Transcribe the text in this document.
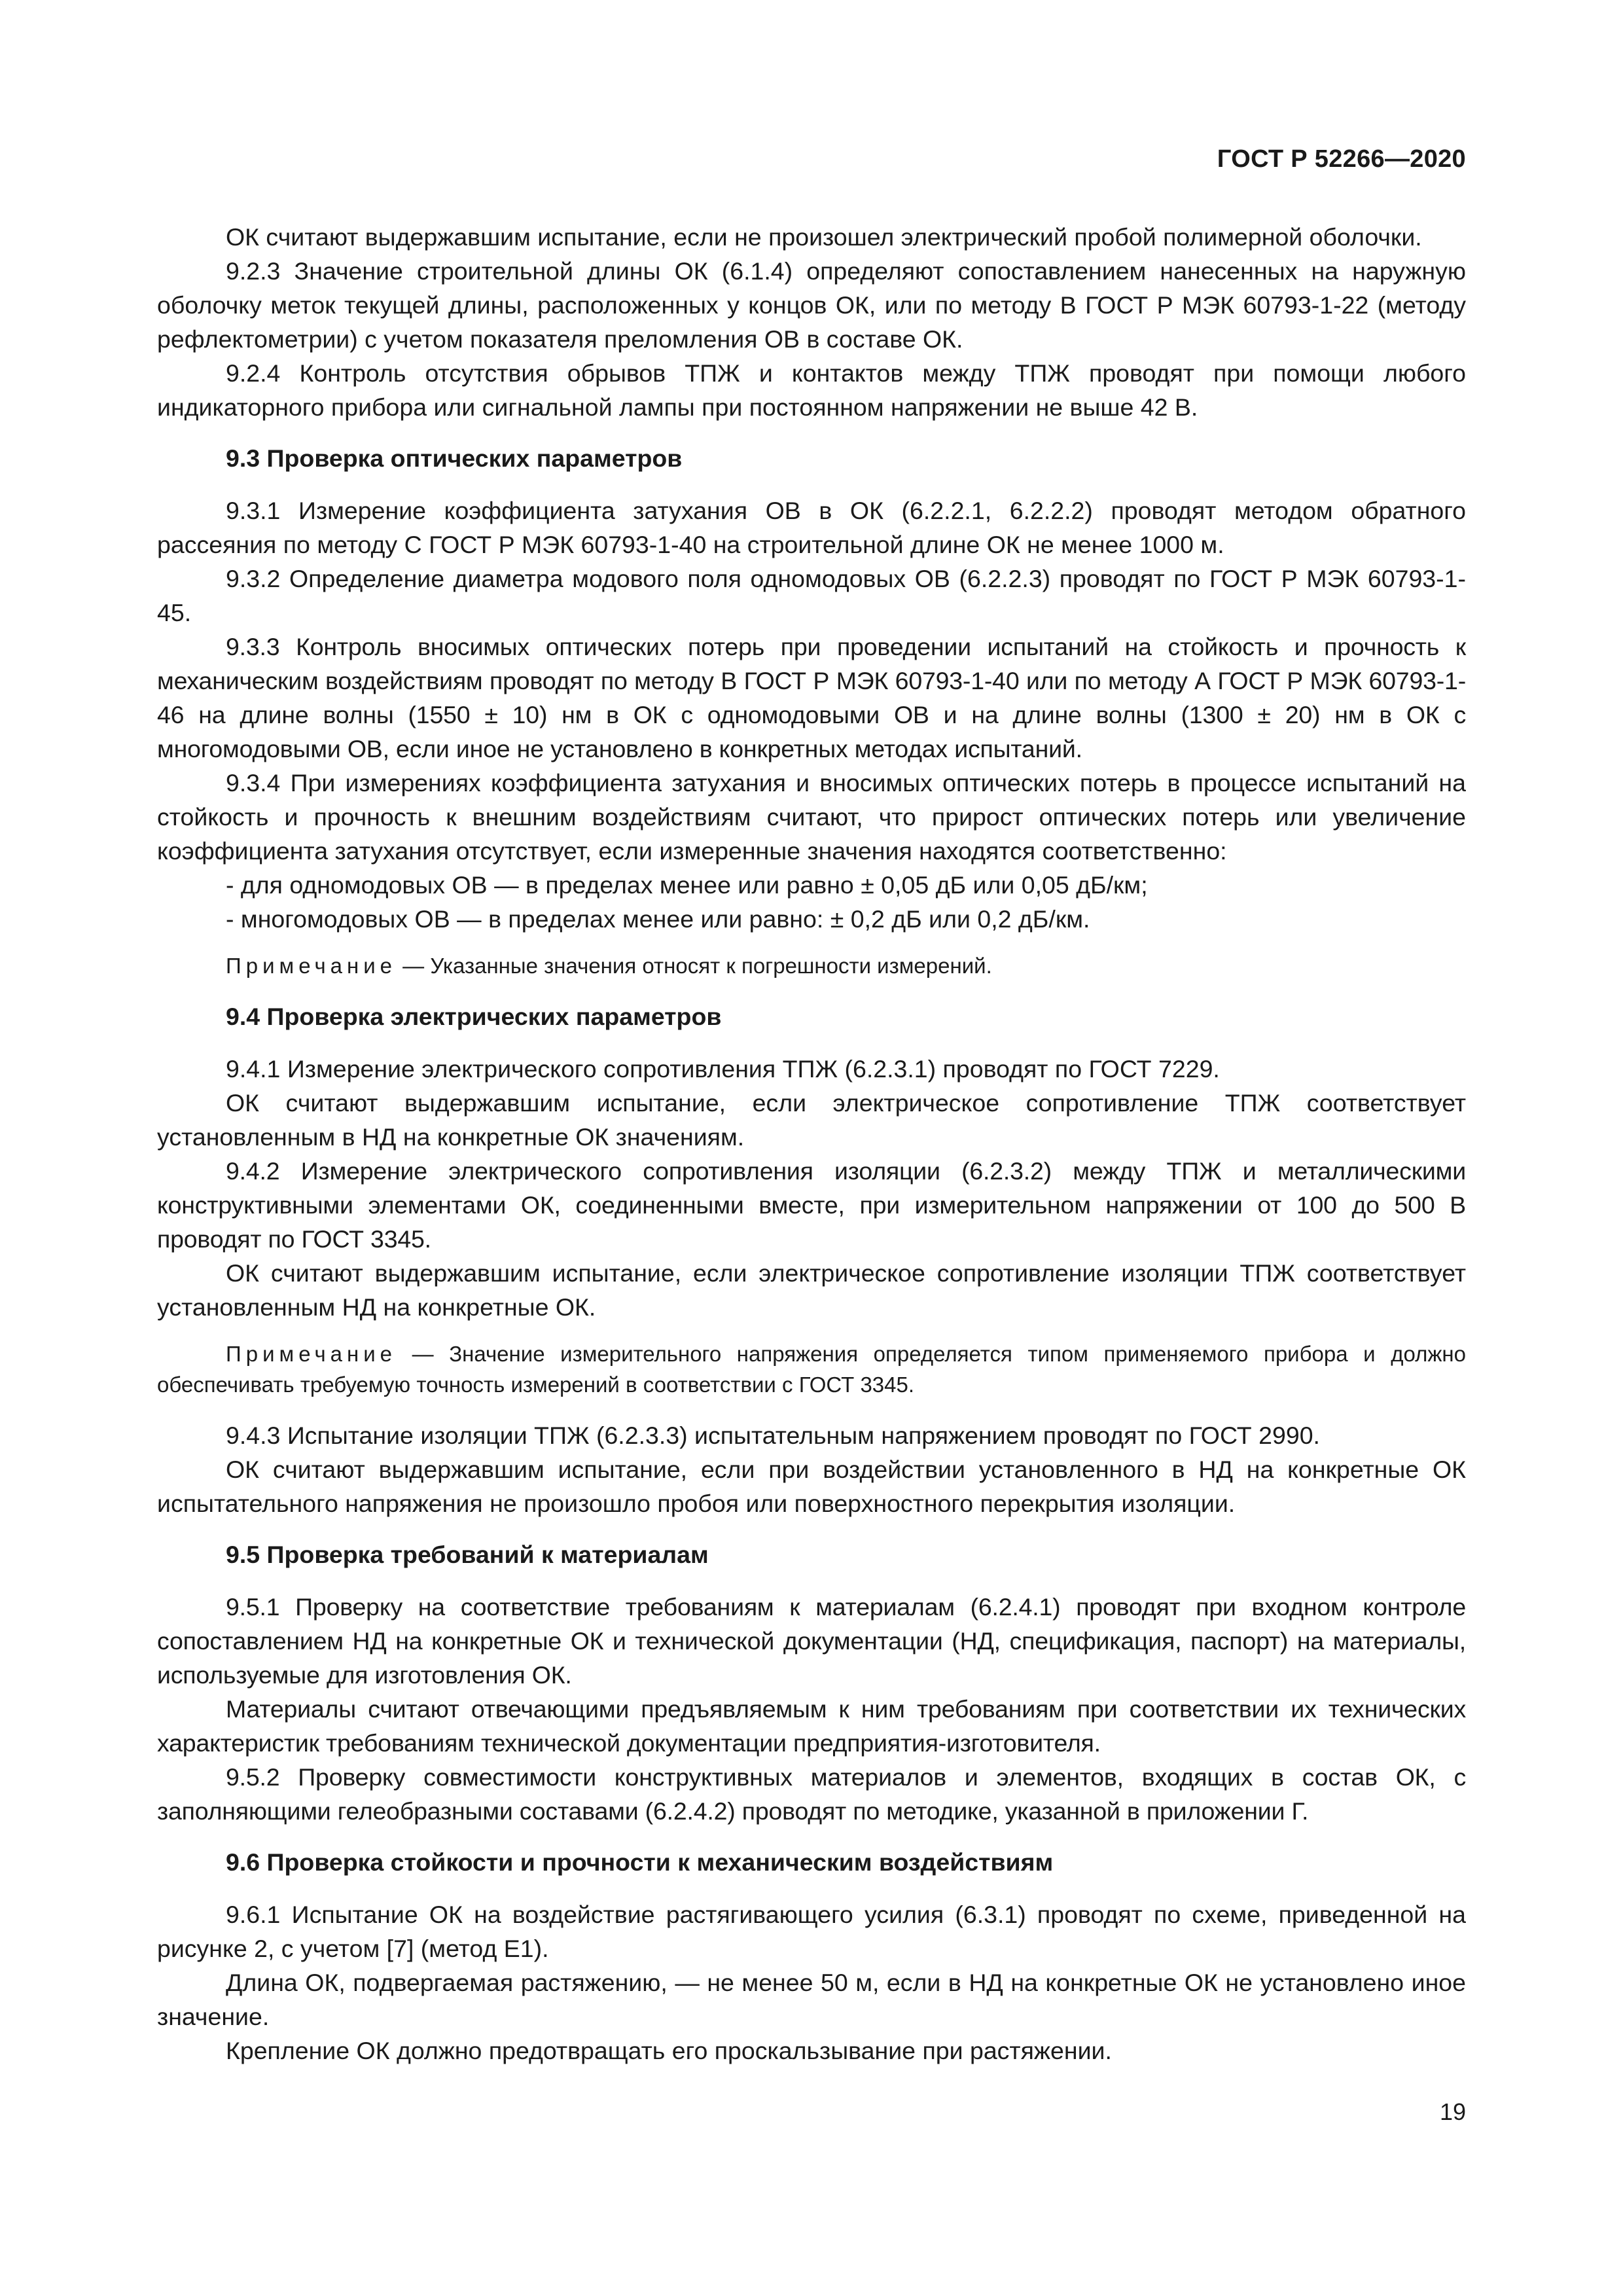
ГОСТ Р 52266—2020

ОК считают выдержавшим испытание, если не произошел электрический пробой полимерной оболочки.

9.2.3 Значение строительной длины ОК (6.1.4) определяют сопоставлением нанесенных на наружную оболочку меток текущей длины, расположенных у концов ОК, или по методу В ГОСТ Р МЭК 60793-1-22 (методу рефлектометрии) с учетом показателя преломления ОВ в составе ОК.

9.2.4 Контроль отсутствия обрывов ТПЖ и контактов между ТПЖ проводят при помощи любого индикаторного прибора или сигнальной лампы при постоянном напряжении не выше 42 В.

9.3 Проверка оптических параметров

9.3.1 Измерение коэффициента затухания ОВ в ОК (6.2.2.1, 6.2.2.2) проводят методом обратного рассеяния по методу С ГОСТ Р МЭК 60793-1-40 на строительной длине ОК не менее 1000 м.

9.3.2 Определение диаметра модового поля одномодовых ОВ (6.2.2.3) проводят по ГОСТ Р МЭК 60793-1-45.

9.3.3 Контроль вносимых оптических потерь при проведении испытаний на стойкость и прочность к механическим воздействиям проводят по методу В ГОСТ Р МЭК 60793-1-40 или по методу А ГОСТ Р МЭК 60793-1-46 на длине волны (1550 ± 10) нм в ОК с одномодовыми ОВ и на длине волны (1300 ± 20) нм в ОК с многомодовыми ОВ, если иное не установлено в конкретных методах испытаний.

9.3.4 При измерениях коэффициента затухания и вносимых оптических потерь в процессе испытаний на стойкость и прочность к внешним воздействиям считают, что прирост оптических потерь или увеличение коэффициента затухания отсутствует, если измеренные значения находятся соответственно:

- для одномодовых ОВ — в пределах менее или равно ± 0,05 дБ или 0,05 дБ/км;
- многомодовых ОВ — в пределах менее или равно: ± 0,2 дБ или 0,2 дБ/км.
Примечание — Указанные значения относят к погрешности измерений.
9.4 Проверка электрических параметров

9.4.1 Измерение электрического сопротивления ТПЖ (6.2.3.1) проводят по ГОСТ 7229.

ОК считают выдержавшим испытание, если электрическое сопротивление ТПЖ соответствует установленным в НД на конкретные ОК значениям.

9.4.2 Измерение электрического сопротивления изоляции (6.2.3.2) между ТПЖ и металлическими конструктивными элементами ОК, соединенными вместе, при измерительном напряжении от 100 до 500 В проводят по ГОСТ 3345.

ОК считают выдержавшим испытание, если электрическое сопротивление изоляции ТПЖ соответствует установленным НД на конкретные ОК.

Примечание — Значение измерительного напряжения определяется типом применяемого прибора и должно обеспечивать требуемую точность измерений в соответствии с ГОСТ 3345.

9.4.3 Испытание изоляции ТПЖ (6.2.3.3) испытательным напряжением проводят по ГОСТ 2990.

ОК считают выдержавшим испытание, если при воздействии установленного в НД на конкретные ОК испытательного напряжения не произошло пробоя или поверхностного перекрытия изоляции.

9.5 Проверка требований к материалам

9.5.1 Проверку на соответствие требованиям к материалам (6.2.4.1) проводят при входном контроле сопоставлением НД на конкретные ОК и технической документации (НД, спецификация, паспорт) на материалы, используемые для изготовления ОК.

Материалы считают отвечающими предъявляемым к ним требованиям при соответствии их технических характеристик требованиям технической документации предприятия-изготовителя.

9.5.2 Проверку совместимости конструктивных материалов и элементов, входящих в состав ОК, с заполняющими гелеобразными составами (6.2.4.2) проводят по методике, указанной в приложении Г.

9.6 Проверка стойкости и прочности к механическим воздействиям

9.6.1 Испытание ОК на воздействие растягивающего усилия (6.3.1) проводят по схеме, приведенной на рисунке 2, с учетом [7] (метод Е1).

Длина ОК, подвергаемая растяжению, — не менее 50 м, если в НД на конкретные ОК не установлено иное значение.

Крепление ОК должно предотвращать его проскальзывание при растяжении.

19
